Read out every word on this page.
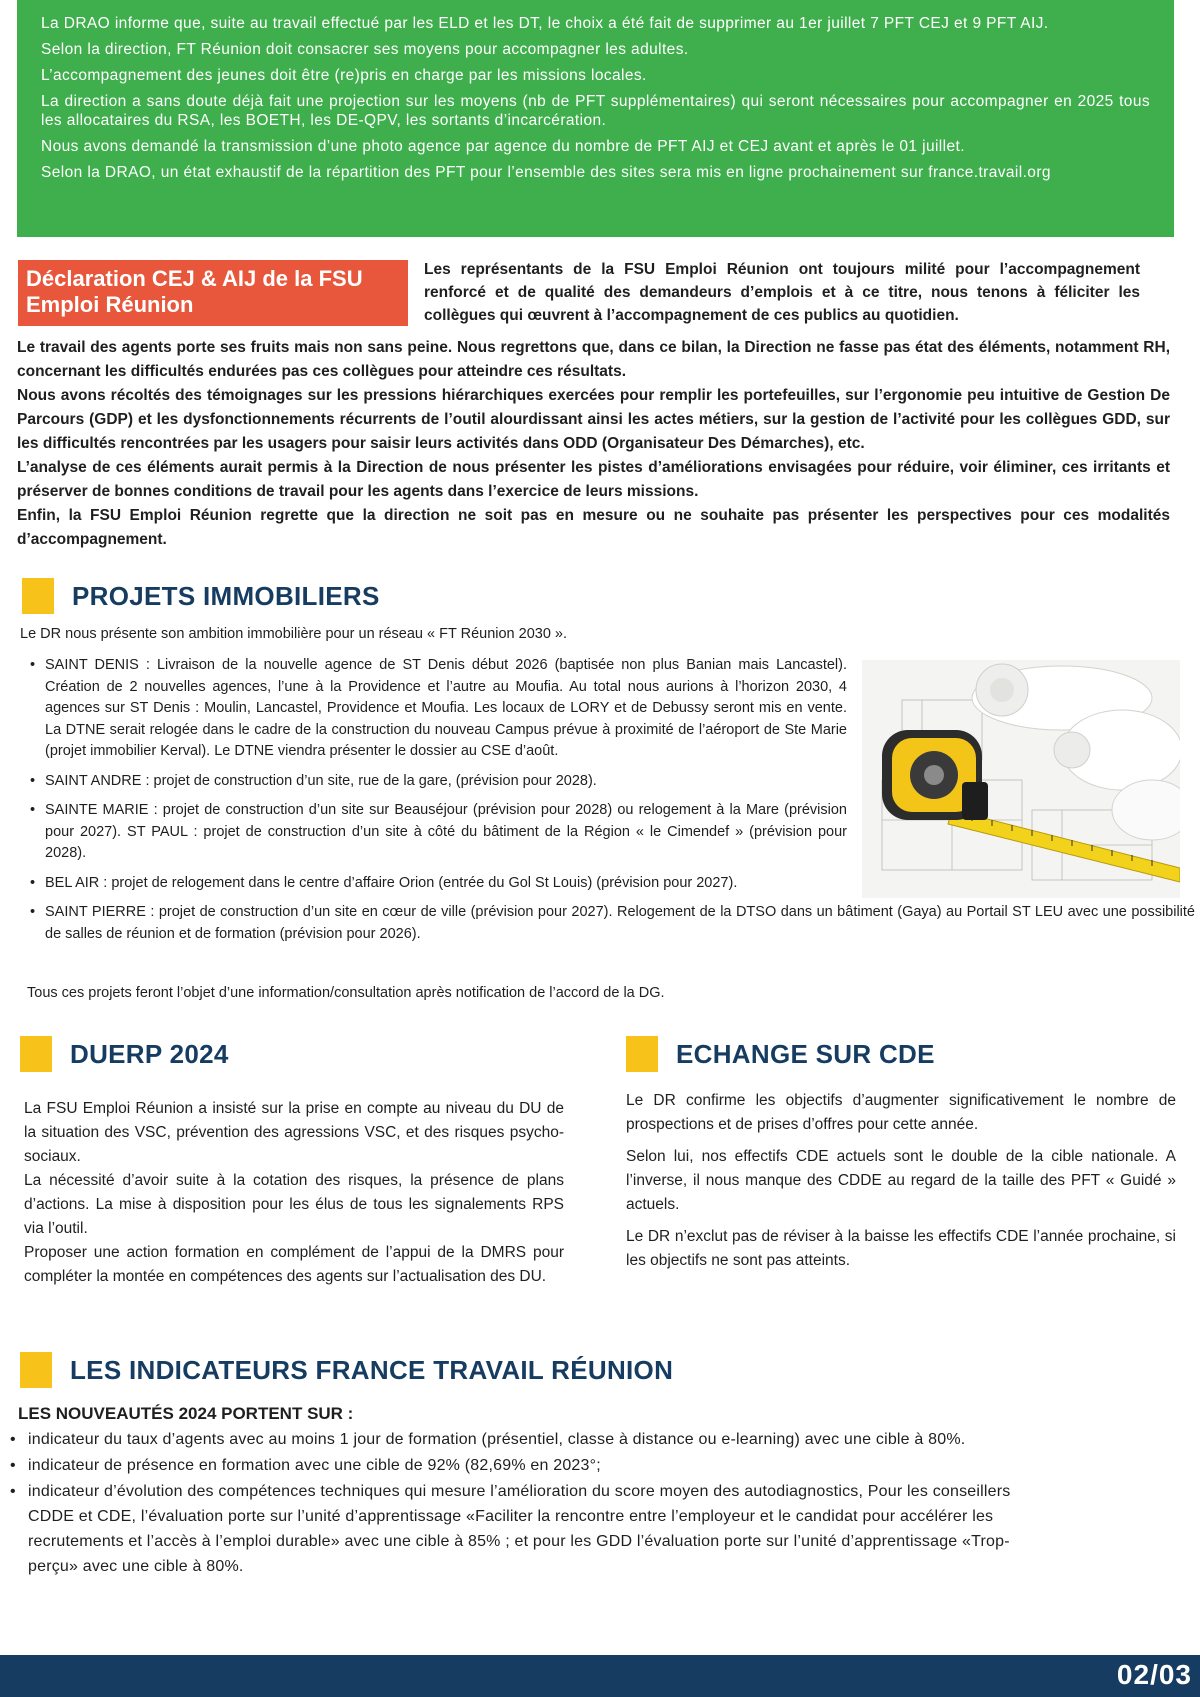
La DRAO informe que, suite au travail effectué par les ELD et les DT, le choix a été fait de supprimer au 1er juillet 7 PFT CEJ et 9 PFT AIJ.

Selon la direction, FT Réunion doit consacrer ses moyens pour accompagner les adultes.

L’accompagnement des jeunes doit être (re)pris en charge par les missions locales.

La direction a sans doute déjà fait une projection sur les moyens (nb de PFT supplémentaires) qui seront nécessaires pour accompagner en 2025 tous les allocataires du RSA, les BOETH, les DE-QPV, les sortants d’incarcération.

Nous avons demandé la transmission d’une photo agence par agence du nombre de PFT AIJ et CEJ avant et après le 01 juillet.

Selon la DRAO, un état exhaustif de la répartition des PFT pour l’ensemble des sites sera mis en ligne prochainement sur france.travail.org

Déclaration CEJ & AIJ de la FSU Emploi Réunion
Les représentants de la FSU Emploi Réunion ont toujours milité pour l’accompagnement renforcé et de qualité des demandeurs d’emplois et à ce titre, nous tenons à féliciter les collègues qui œuvrent à l’accompagnement de ces publics au quotidien.

Le travail des agents porte ses fruits mais non sans peine. Nous regrettons que, dans ce bilan, la Direction ne fasse pas état des éléments, notamment RH, concernant les difficultés endurées pas ces collègues pour atteindre ces résultats.

Nous avons récoltés des témoignages sur les pressions hiérarchiques exercées pour remplir les portefeuilles, sur l’ergonomie peu intuitive de Gestion De Parcours (GDP) et les dysfonctionnements récurrents de l’outil alourdissant ainsi les actes métiers, sur la gestion de l’activité pour les collègues GDD, sur les difficultés rencontrées par les usagers pour saisir leurs activités dans ODD (Organisateur Des Démarches), etc.

L’analyse de ces éléments aurait permis à la Direction de nous présenter les pistes d’améliorations envisagées pour réduire, voir éliminer, ces irritants et préserver de bonnes conditions de travail pour les agents dans l’exercice de leurs missions.

Enfin, la FSU Emploi Réunion regrette que la direction ne soit pas en mesure ou ne souhaite pas présenter les perspectives pour ces modalités d’accompagnement.

PROJETS IMMOBILIERS
Le DR nous présente son ambition immobilière pour un réseau « FT Réunion 2030 ».
• SAINT DENIS : Livraison de la nouvelle agence de ST Denis début 2026 (baptisée non plus Banian mais Lancastel). Création de 2 nouvelles agences, l’une à la Providence et l’autre au Moufia. Au total nous aurions à l’horizon 2030, 4 agences sur ST Denis : Moulin, Lancastel, Providence et Moufia. Les locaux de LORY et de Debussy seront mis en vente. La DTNE serait relogée dans le cadre de la construction du nouveau Campus prévue à proximité de l’aéroport de Ste Marie (projet immobilier Kerval). Le DTNE viendra présenter le dossier au CSE d’août.
• SAINT ANDRE : projet de construction d’un site, rue de la gare, (prévision pour 2028).
• SAINTE MARIE : projet de construction d’un site sur Beauséjour (prévision pour 2028) ou relogement à la Mare (prévision pour 2027). ST PAUL : projet de construction d’un site à côté du bâtiment de la Région « le Cimendef » (prévision pour 2028).
• BEL AIR : projet de relogement dans le centre d’affaire Orion (entrée du Gol St Louis) (prévision pour 2027).
• SAINT PIERRE : projet de construction d’un site en cœur de ville (prévision pour 2027). Relogement de la DTSO dans un bâtiment (Gaya) au Portail ST LEU avec une possibilité de salles de réunion et de formation (prévision pour 2026).
Tous ces projets feront l’objet d’une information/consultation après notification de l’accord de la DG.
DUERP 2024

La FSU Emploi Réunion a insisté sur la prise en compte au niveau du DU de la situation des VSC, prévention des agressions VSC, et des risques psycho- sociaux.

La nécessité d’avoir suite à la cotation des risques, la présence de plans d’actions. La mise à disposition pour les élus de tous les signalements RPS via l’outil.

Proposer une action formation en complément de l’appui de la DMRS pour compléter la montée en compétences des agents sur l’actualisation des DU.

ECHANGE SUR CDE

Le DR confirme les objectifs d’augmenter significativement le nombre de prospections et de prises d’offres pour cette année.

Selon lui, nos effectifs CDE actuels sont le double de la cible nationale. A l’inverse, il nous manque des CDDE au regard de la taille des PFT « Guidé » actuels.

Le DR n’exclut pas de réviser à la baisse les effectifs CDE l’année prochaine, si les objectifs ne sont pas atteints.

LES INDICATEURS FRANCE TRAVAIL RÉUNION
LES NOUVEAUTÉS 2024 PORTENT SUR :
• indicateur du taux d’agents avec au moins 1 jour de formation (présentiel, classe à distance ou e-learning) avec une cible à 80%.
• indicateur de présence en formation avec une cible de 92% (82,69% en 2023°;
• indicateur d’évolution des compétences techniques qui mesure l’amélioration du score moyen des autodiagnostics, Pour les conseillers CDDE et CDE, l’évaluation porte sur l’unité d’apprentissage «Faciliter la rencontre entre l’employeur et le candidat pour accélérer les recrutements et l’accès à l’emploi durable» avec une cible à 85% ; et pour les GDD l’évaluation porte sur l’unité d’apprentissage «Trop-perçu» avec une cible à 80%.
02/03
